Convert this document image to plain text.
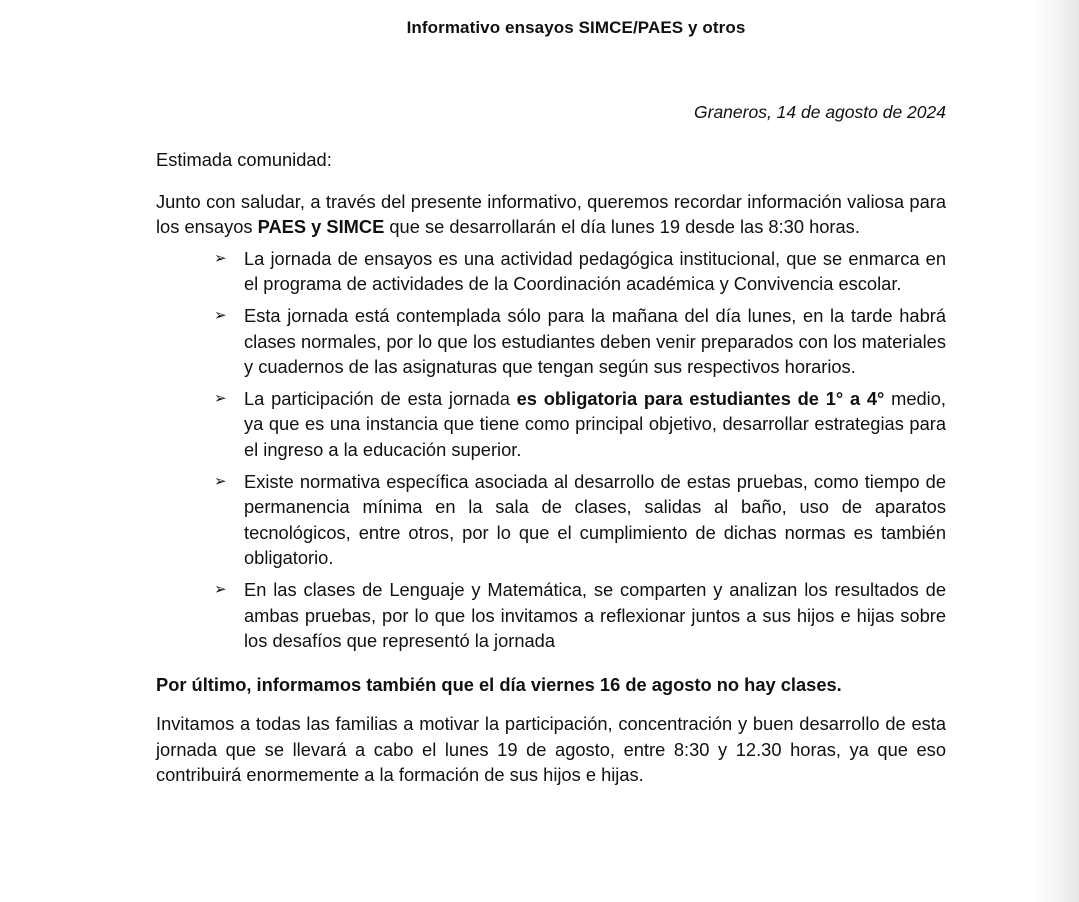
Informativo ensayos SIMCE/PAES y otros
Graneros, 14 de agosto de 2024

Estimada comunidad:

Junto con saludar, a través del presente informativo, queremos recordar información valiosa para los ensayos PAES y SIMCE que se desarrollarán el día lunes 19 desde las 8:30 horas.

➢ La jornada de ensayos es una actividad pedagógica institucional, que se enmarca en el programa de actividades de la Coordinación académica y Convivencia escolar.
➢ Esta jornada está contemplada sólo para la mañana del día lunes, en la tarde habrá clases normales, por lo que los estudiantes deben venir preparados con los materiales y cuadernos de las asignaturas que tengan según sus respectivos horarios.
➢ La participación de esta jornada es obligatoria para estudiantes de 1° a 4° medio, ya que es una instancia que tiene como principal objetivo, desarrollar estrategias para el ingreso a la educación superior.
➢ Existe normativa específica asociada al desarrollo de estas pruebas, como tiempo de permanencia mínima en la sala de clases, salidas al baño, uso de aparatos tecnológicos, entre otros, por lo que el cumplimiento de dichas normas es también obligatorio.
➢ En las clases de Lenguaje y Matemática, se comparten y analizan los resultados de ambas pruebas, por lo que los invitamos a reflexionar juntos a sus hijos e hijas sobre los desafíos que representó la jornada

Por último, informamos también que el día viernes 16 de agosto no hay clases.

Invitamos a todas las familias a motivar la participación, concentración y buen desarrollo de esta jornada que se llevará a cabo el lunes 19 de agosto, entre 8:30 y 12.30 horas, ya que eso contribuirá enormemente a la formación de sus hijos e hijas.
